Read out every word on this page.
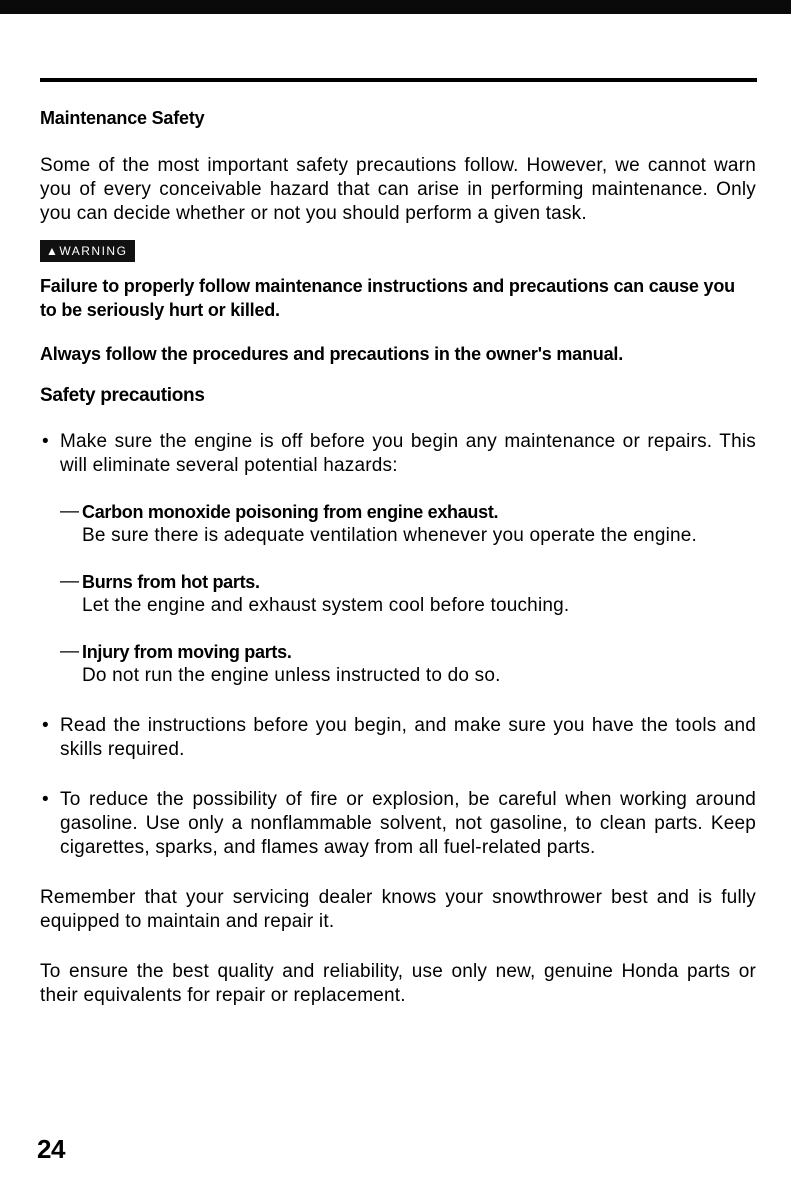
Maintenance Safety

Some of the most important safety precautions follow. However, we cannot warn you of every conceivable hazard that can arise in performing maintenance. Only you can decide whether or not you should perform a given task.

▲WARNING

Failure to properly follow maintenance instructions and precautions can cause you to be seriously hurt or killed.

Always follow the procedures and precautions in the owner's manual.

Safety precautions
• Make sure the engine is off before you begin any maintenance or repairs. This will eliminate several potential hazards:
— Carbon monoxide poisoning from engine exhaust.
Be sure there is adequate ventilation whenever you operate the engine.
— Burns from hot parts.
Let the engine and exhaust system cool before touching.
— Injury from moving parts.
Do not run the engine unless instructed to do so.
• Read the instructions before you begin, and make sure you have the tools and skills required.
• To reduce the possibility of fire or explosion, be careful when working around gasoline. Use only a nonflammable solvent, not gasoline, to clean parts. Keep cigarettes, sparks, and flames away from all fuel-related parts.

Remember that your servicing dealer knows your snowthrower best and is fully equipped to maintain and repair it.

To ensure the best quality and reliability, use only new, genuine Honda parts or their equivalents for repair or replacement.

24
